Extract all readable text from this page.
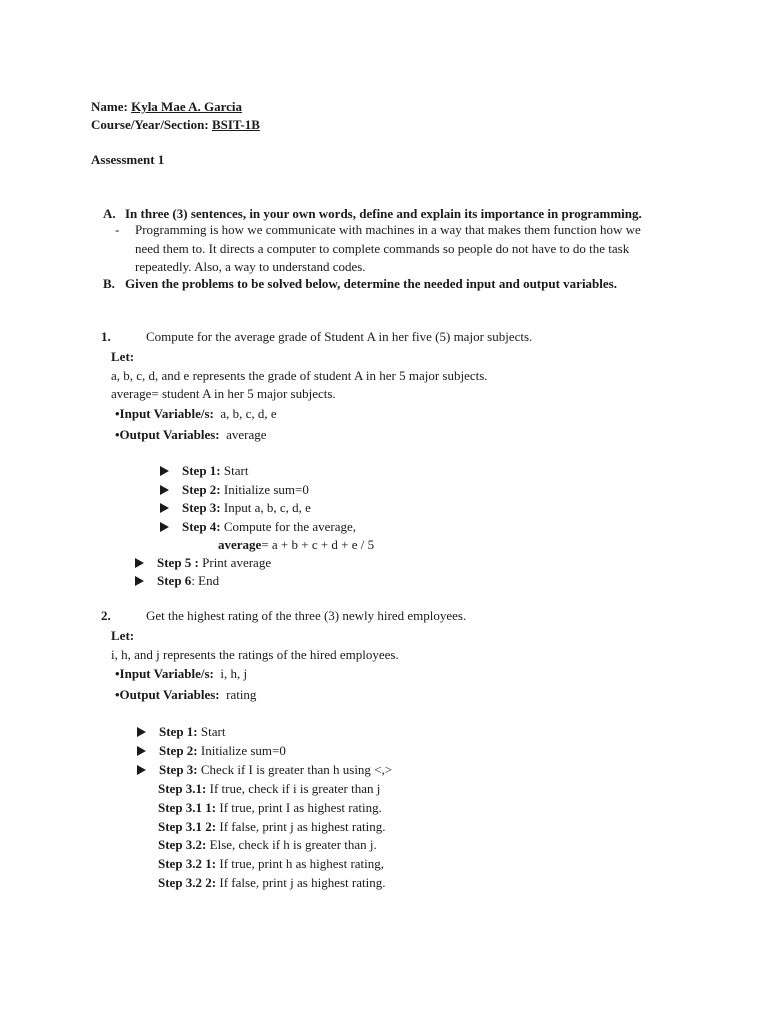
Name: Kyla Mae A. Garcia
Course/Year/Section: BSIT-1B
Assessment 1
A. In three (3) sentences, in your own words, define and explain its importance in programming.
- Programming is how we communicate with machines in a way that makes them function how we
need them to. It directs a computer to complete commands so people do not have to do the task
repeatedly. Also, a way to understand codes.
B. Given the problems to be solved below, determine the needed input and output variables.
1.	Compute for the average grade of Student A in her five (5) major subjects.
Let:
a, b, c, d, and e represents the grade of student A in her 5 major subjects.
average= student A in her 5 major subjects.
•Input Variable/s: a, b, c, d, e
•Output Variables: average
Step 1: Start
Step 2: Initialize sum=0
Step 3: Input a, b, c, d, e
Step 4: Compute for the average,
average= a + b + c + d + e / 5
Step 5 : Print average
Step 6: End
2.	Get the highest rating of the three (3) newly hired employees.
Let:
i, h, and j represents the ratings of the hired employees.
•Input Variable/s: i, h, j
•Output Variables: rating
Step 1: Start
Step 2: Initialize sum=0
Step 3: Check if I is greater than h using <,>
Step 3.1: If true, check if i is greater than j
Step 3.1 1: If true, print I as highest rating.
Step 3.1 2: If false, print j as highest rating.
Step 3.2: Else, check if h is greater than j.
Step 3.2 1: If true, print h as highest rating,
Step 3.2 2: If false, print j as highest rating.
